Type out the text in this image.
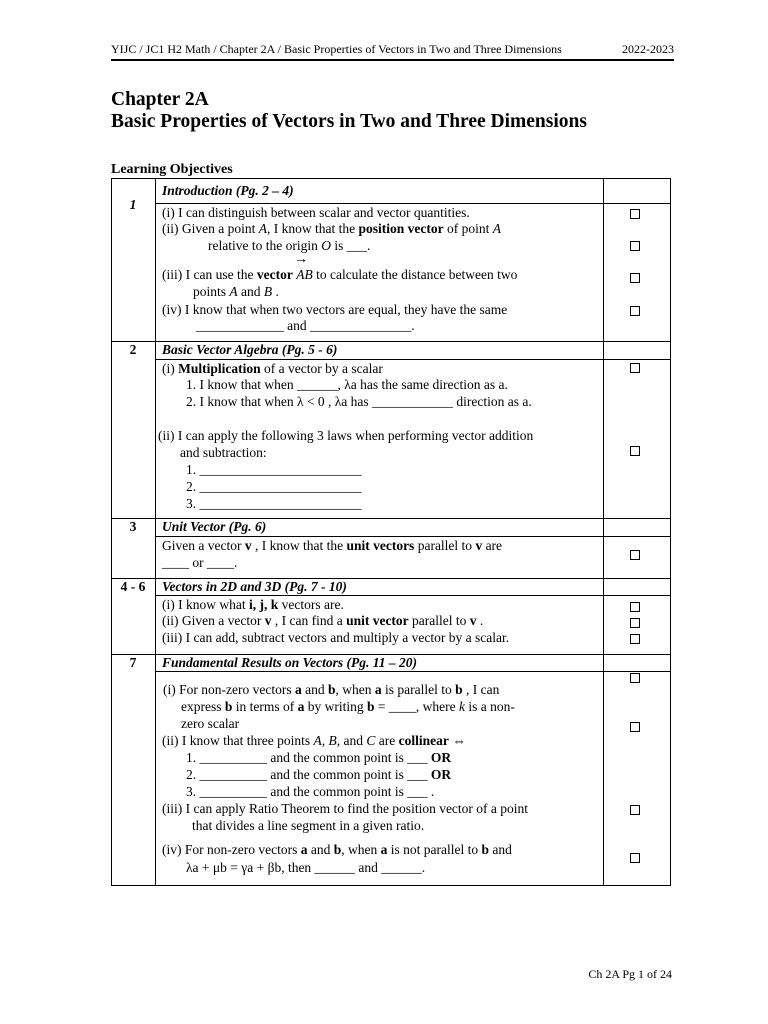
YIJC / JC1 H2 Math / Chapter 2A / Basic Properties of Vectors in Two and Three Dimensions	2022-2023
Chapter 2A
Basic Properties of Vectors in Two and Three Dimensions
Learning Objectives
1
2
3
4 - 6
7
Introduction (Pg. 2 – 4)
Basic Vector Algebra (Pg. 5 - 6)
Unit Vector (Pg. 6)
Vectors in 2D and 3D (Pg. 7 - 10)
Fundamental Results on Vectors (Pg. 11 – 20)
(i) I can distinguish between scalar and vector quantities.
(ii) Given a point A, I know that the position vector of point A
relative to the origin O is ___.
→
(iii) I can use the vector AB to calculate the distance between two
points A and B .
(iv) I know that when two vectors are equal, they have the same
_____________ and _______________.
(i) Multiplication of a vector by a scalar
1. I know that when ______, λa has the same direction as a.
2. I know that when λ < 0 , λa has ____________ direction as a.
(ii) I can apply the following 3 laws when performing vector addition
and subtraction:
1. ________________________
2. ________________________
3. ________________________
Given a vector v , I know that the unit vectors parallel to v are
____ or ____.
(i) I know what i, j, k vectors are.
(ii) Given a vector v , I can find a unit vector parallel to v .
(iii) I can add, subtract vectors and multiply a vector by a scalar.
(i) For non-zero vectors a and b, when a is parallel to b , I can
express b in terms of a by writing b = ____, where k is a non-
zero scalar
(ii) I know that three points A, B, and C are collinear ⇔
1. __________ and the common point is ___ OR
2. __________ and the common point is ___ OR
3. __________ and the common point is ___ .
(iii) I can apply Ratio Theorem to find the position vector of a point
that divides a line segment in a given ratio.
(iv) For non-zero vectors a and b, when a is not parallel to b and
λa + μb = γa + βb, then ______ and ______.
Ch 2A Pg 1 of 24
